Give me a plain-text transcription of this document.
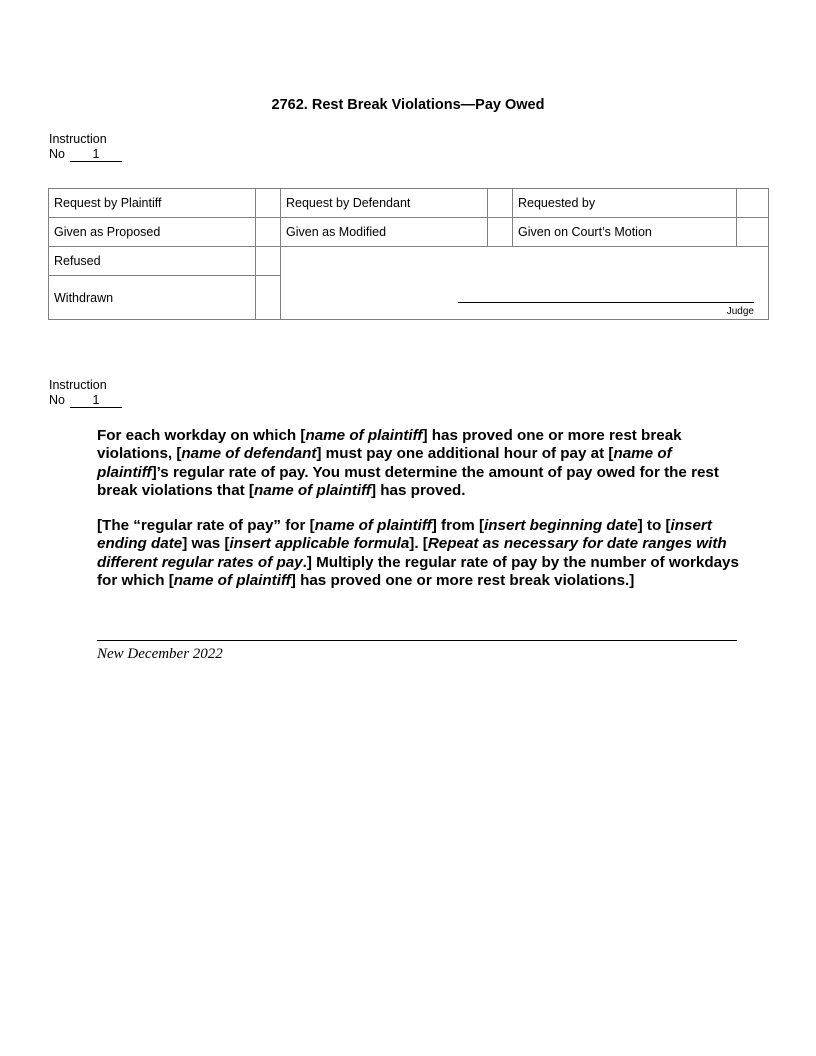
2762. Rest Break Violations—Pay Owed
Instruction
No 1
Request by Plaintiff		Request by Defendant		Requested by	
Given as Proposed		Given as Modified		Given on Court’s Motion	
Refused		Judge			

Withdrawn					
Instruction
No 1

For each workday on which [name of plaintiff] has proved one or more rest break violations, [name of defendant] must pay one additional hour of pay at [name of plaintiff]’s regular rate of pay. You must determine the amount of pay owed for the rest break violations that [name of plaintiff] has proved.

[The “regular rate of pay” for [name of plaintiff] from [insert beginning date] to [insert ending date] was [insert applicable formula]. [Repeat as necessary for date ranges with different regular rates of pay.] Multiply the regular rate of pay by the number of workdays for which [name of plaintiff] has proved one or more rest break violations.]

New December 2022
